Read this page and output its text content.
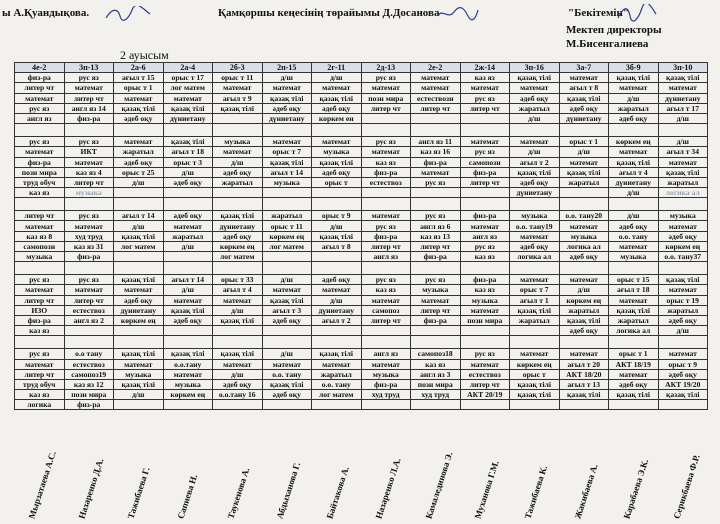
ы А.Қуандықова.	Қамқоршы кеңесінің төрайымы Д.Досанова	"Бекітемін"
Мектеп директоры
М.Бисенгалиева
2 ауысым
4е-2	3п-13	2а-6	2а-4	2б-3	2п-15	2г-11	2д-13	2е-2	2ж-14	3п-16	3а-7	3б-9	3п-10
физ-ра	рус яз	ағыл т 15	орыс т 17	орыс т 11	д/ш	д/ш	рус яз	математ	каз яз	қазақ тілі	математ	қазақ тілі	қазақ тілі
литер чт	математ	орыс т 1	лог матем	математ	математ	математ	математ	математ	математ	математ	ағыл т 8	математ	математ
математ	литер чт	математ	математ	ағыл т 9	қазақ тілі	қазақ тілі	позн мира	естествозн	рус яз	әдеб оқу	қазақ тілі	д/ш	дүниетану
рус яз	англ яз 14	қазақ тілі	қазақ тілі	қазақ тілі	әдеб оқу	әдеб оқу	литер чт	литер чт	литер чт	жаратыл	әдеб оқу	жаратыл	ағыл т 17
англ яз	физ-ра	әдеб оқу	дүниетану		дүниетану	коркем ен				д/ш	дүниетану	әдеб оқу	д/ш

рус яз	рус яз	математ	қазақ тілі	музыка	математ	математ	рус яз	англ яз 11	математ	математ	орыс т 1	көркем ең	д/ш
математ	ИКТ	жаратыл	ағыл т 18	математ	орыс т 7	музыка	математ	каз яз 16	рус яз	д/ш	д/ш	математ	ағыл т 34
физ-ра	математ	әдеб оқу	орыс т 3	д/ш	қазақ тілі	қазақ тілі	каз яз	физ-ра	самопозн	ағыл т 2	математ	қазақ тілі	математ
позн мира	каз яз 4	орыс т 25	д/ш	әдеб оқу	ағыл т 14	әдеб оқу	физ-ра	математ	физ-ра	қазақ тілі	қазақ тілі	ағыл т 4	қазақ тілі
труд обуч	литер чт	д/ш	әдеб оқу	жаратыл	музыка	орыс т	естествоз	рус яз	литер чт	әдеб оқу	жаратыл	дүниетану	жаратыл
каз яз	музыка									дүниетану		д/ш	логика ал

литер чт	рус яз	ағыл т 14	әдеб оқу	қазақ тілі	жаратыл	орыс т 9	математ	рус яз	физ-ра	музыка	о.о. тану20	д/ш	музыка
математ	математ	д/ш	математ	дүниетану	орыс т 11	д/ш	рус яз	англ яз 6	математ	о.о. тану19	математ	әдеб оқу	математ
каз яз 8	худ труд	қазақ тілі	жаратыл	әдеб оқу	көркем ең	қазақ тілі	физ-ра	каз яз 13	англ яз	математ	музыка	о.о. тану	әдеб оқу
самопозн	каз яз 31	лог матем	д/ш	көркем ең	лог матем	ағыл т 8	литер чт	литер чт	рус яз	әдеб оқу	логика ал	математ	көркем ең
музыка	физ-ра			лог матем			англ яз	физ-ра	каз яз	логика ал	әдеб оқу	музыка	о.о. тану37

рус яз	рус яз	қазақ тілі	ағыл т 14	орыс т 33	д/ш	әдеб оқу	рус яз	рус яз	физ-ра	математ	математ	орыс т 15	қазақ тілі
математ	математ	математ	д/ш	ағыл т 4	математ	математ	каз яз	музыка	каз яз	орыс т 7	д/ш	ағыл т 18	математ
литер чт	литер чт	әдеб оқу	математ	математ	қазақ тілі	д/ш	математ	математ	музыка	ағыл т 1	көркем ең	математ	орыс т 19
ИЗО	естествоз	дүниетану	қазақ тілі	д/ш	ағыл т 3	дүниетану	самопоз	литер чт	математ	қазақ тілі	жаратыл	қазақ тілі	жаратыл
физ-ра	англ яз 2	көркем ең	әдеб оқу	қазақ тілі	әдеб оқу	ағыл т 2	литер чт	физ-ра	позн мира	жаратыл	қазақ тілі	жаратыл	әдеб оқу
каз яз											әдеб оқу	логика ал	д/ш

рус яз	о.о тану	қазақ тілі	қазақ тілі	қазақ тілі	д/ш	қазақ тілі	англ яз	самопоз18	рус яз	математ	математ	орыс т 1	математ
математ	естествоз	математ	о.о.тану	математ	математ	математ	математ	каз яз	математ	көркем ең	ағыл т 20	АКТ 18/19	орыс т 9
литер чт	самопоз19	музыка	математ	д/ш	о.о. тану	жаратыл	музыка	англ яз 3	естествоз	орыс т	АКТ 18/20	математ	әдеб оқу
труд обуч	каз яз 12	қазақ тілі	музыка	әдеб оқу	қазақ тілі	о.о. тану	физ-ра	позн мира	литер чт	қазақ тілі	ағыл т 13	әдеб оқу	АКТ 19/20
каз яз	позн мира	д/ш	көркем ең	о.о.тану 16	әдеб оқу	лог матем	худ труд	худ труд	АКТ 20/19	қазақ тілі	қазақ тілі	қазақ тілі	қазақ тілі
логика	физ-ра												
Мырзатаева А.С. Назаренко Д.А. Тажибаева Г.	Сапиева Н.	Таукенова А.	Абдыханова Г. Байтакова А.	Назаренко Л.А. Камалединова Э. Муханова Г.М. Тажибаева К.	Жакибаева А. Карабаева Э.К. Серикбаева Ф.Р.
